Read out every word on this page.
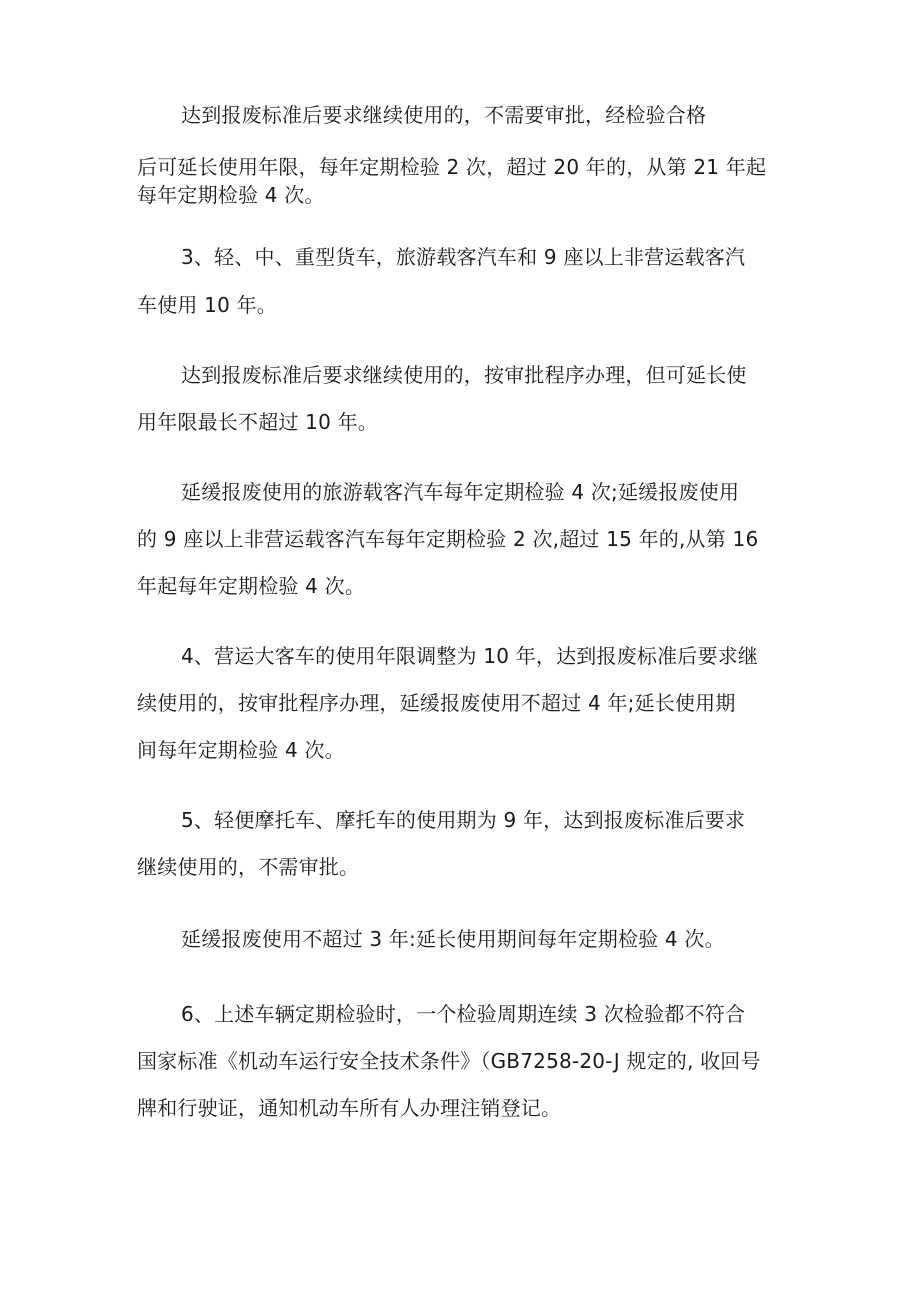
达到报废标准后要求继续使用的，不需要审批，经检验合格
后可延长使用年限，每年定期检验 2 次，超过 20 年的，从第 21 年起
每年定期检验 4 次。
3、轻、中、重型货车，旅游载客汽车和 9 座以上非营运载客汽
车使用 10 年。
达到报废标准后要求继续使用的，按审批程序办理，但可延长使
用年限最长不超过 10 年。
延缓报废使用的旅游载客汽车每年定期检验 4 次;延缓报废使用
的 9 座以上非营运载客汽车每年定期检验 2 次,超过 15 年的,从第 16
年起每年定期检验 4 次。
4、营运大客车的使用年限调整为 10 年，达到报废标准后要求继
续使用的，按审批程序办理，延缓报废使用不超过 4 年;延长使用期
间每年定期检验 4 次。
5、轻便摩托车、摩托车的使用期为 9 年，达到报废标准后要求
继续使用的，不需审批。
延缓报废使用不超过 3 年:延长使用期间每年定期检验 4 次。
6、上述车辆定期检验时，一个检验周期连续 3 次检验都不符合
国家标准《机动车运行安全技术条件》（GB7258-20-J 规定的, 收回号
牌和行驶证，通知机动车所有人办理注销登记。
